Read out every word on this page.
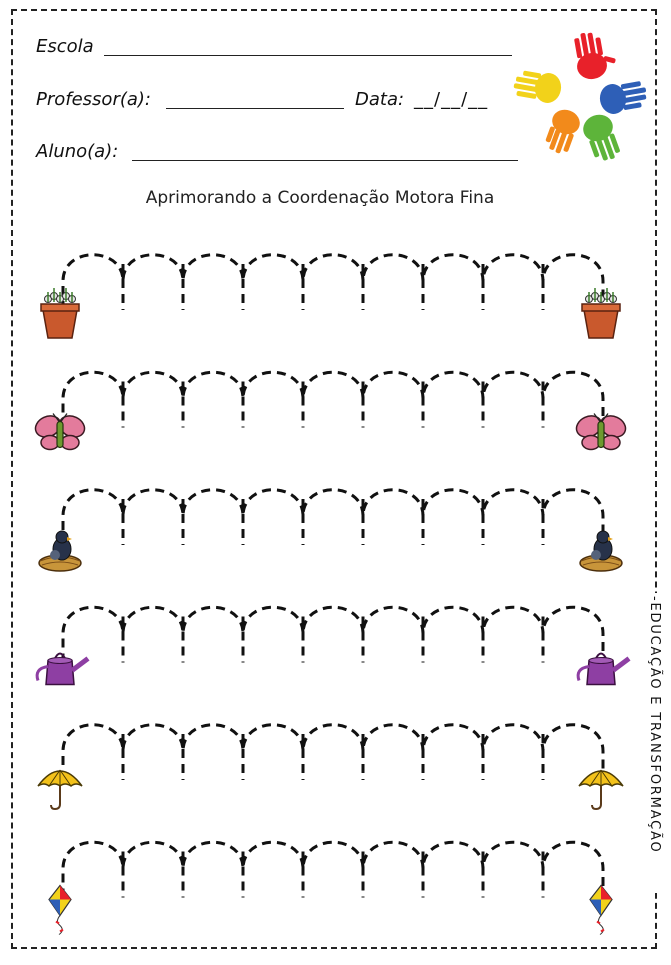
Escola
Professor(a):	Data: __/__/__
Aluno(a):
Aprimorando a Coordenação Motora Fina
-EDUCAÇÃO E TRANSFORMAÇÃO
